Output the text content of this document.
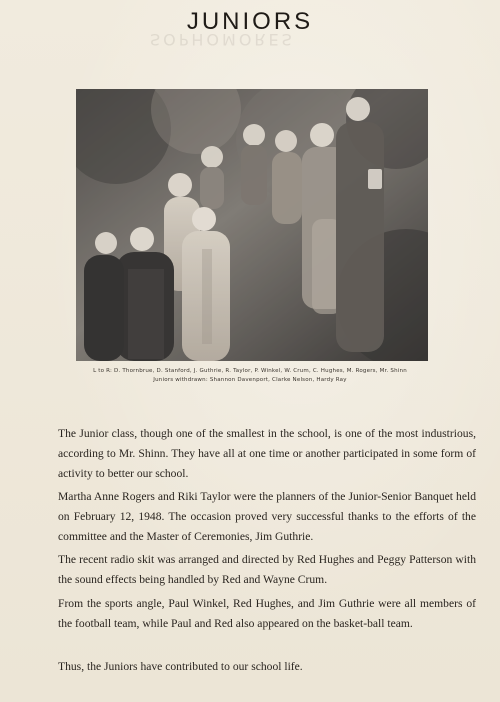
SOPHOMORES
JUNIORS
L to R: D. Thornbrue, D. Stanford, J. Guthrie, R. Taylor, P. Winkel, W. Crum, C. Hughes, M. Rogers, Mr. Shinn
Juniors withdrawn: Shannon Davenport, Clarke Nelson, Hardy Ray
The Junior class, though one of the smallest in the school, is one of the most industrious, according to Mr. Shinn. They have all at one time or another participated in some form of activity to better our school.
Martha Anne Rogers and Riki Taylor were the planners of the Junior-Senior Banquet held on February 12, 1948. The occasion proved very successful thanks to the efforts of the committee and the Master of Ceremonies, Jim Guthrie.
The recent radio skit was arranged and directed by Red Hughes and Peggy Patterson with the sound effects being handled by Red and Wayne Crum.
From the sports angle, Paul Winkel, Red Hughes, and Jim Guthrie were all members of the football team, while Paul and Red also appeared on the basket-ball team.
Thus, the Juniors have contributed to our school life.
